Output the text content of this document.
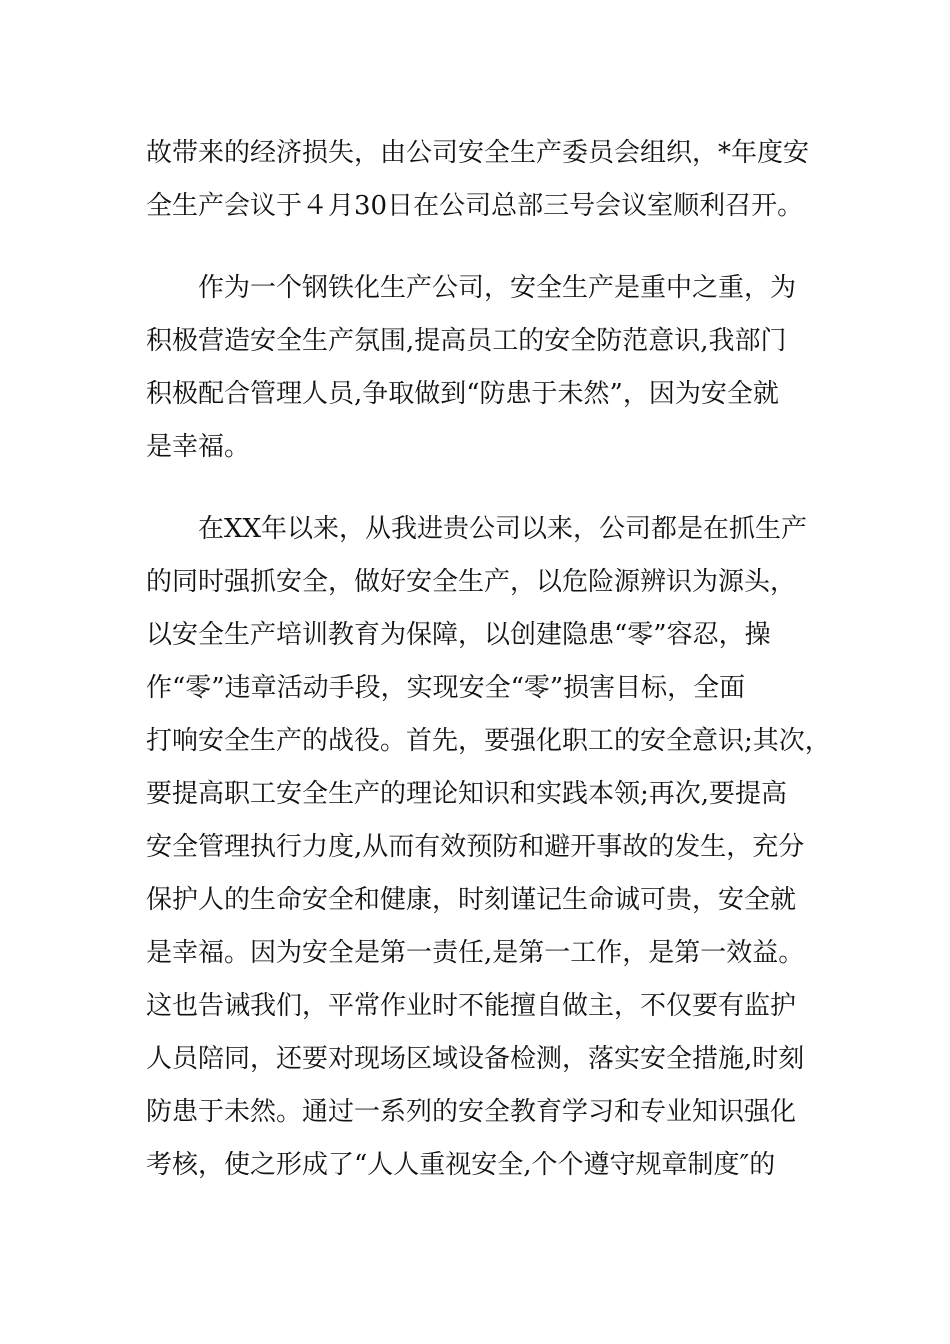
故带来的经济损失，由公司安全生产委员会组织，*年度安
全生产会议于４月30日在公司总部三号会议室顺利召开。
作为一个钢铁化生产公司，安全生产是重中之重，为
积极营造安全生产氛围,提高员工的安全防范意识,我部门
积极配合管理人员,争取做到“防患于未然”，因为安全就
是幸福。
在XX年以来，从我进贵公司以来，公司都是在抓生产
的同时强抓安全，做好安全生产，以危险源辨识为源头，
以安全生产培训教育为保障，以创建隐患“零”容忍，操
作“零”违章活动手段，实现安全“零”损害目标，全面
打响安全生产的战役。首先，要强化职工的安全意识;其次，
要提高职工安全生产的理论知识和实践本领;再次,要提高
安全管理执行力度,从而有效预防和避开事故的发生，充分
保护人的生命安全和健康，时刻谨记生命诚可贵，安全就
是幸福。因为安全是第一责任,是第一工作，是第一效益。
这也告诫我们，平常作业时不能擅自做主，不仅要有监护
人员陪同，还要对现场区域设备检测，落实安全措施,时刻
防患于未然。通过一系列的安全教育学习和专业知识强化
考核，使之形成了“人人重视安全,个个遵守规章制度″的
